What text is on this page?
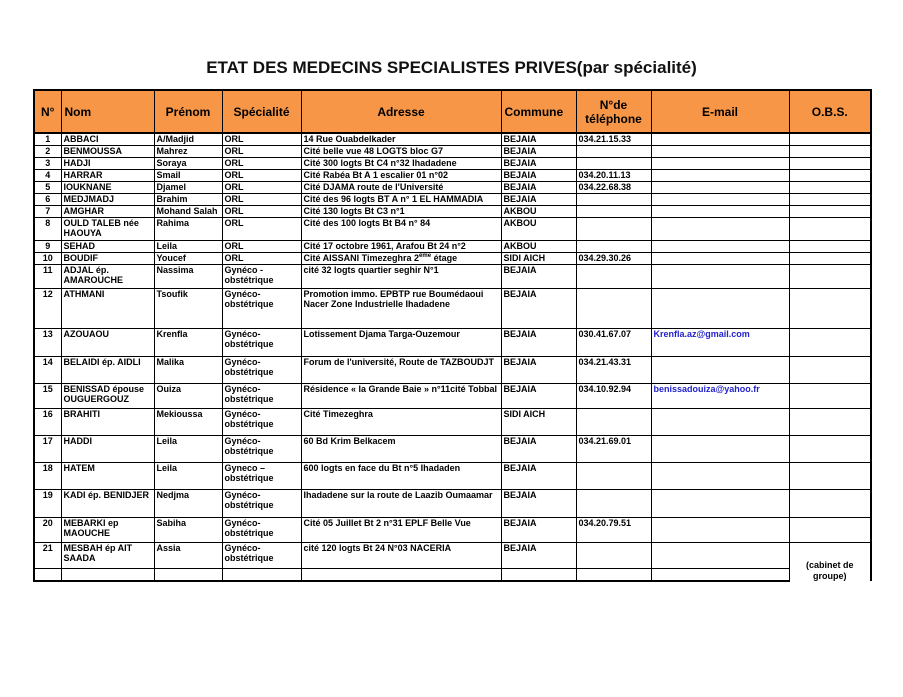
ETAT DES MEDECINS SPECIALISTES PRIVES(par spécialité)
N°	Nom	Prénom	Spécialité	Adresse	Commune	N°de téléphone	E-mail	O.B.S.
1	ABBACI	A/Madjid	ORL	14 Rue Ouabdelkader	BEJAIA	034.21.15.33		
2	BENMOUSSA	Mahrez	ORL	Cité belle vue 48 LOGTS bloc G7	BEJAIA			
3	HADJI	Soraya	ORL	Cité 300 logts Bt C4 n°32 Ihadadene	BEJAIA			
4	HARRAR	Smail	ORL	Cité Rabéa Bt A 1 escalier 01 n°02	BEJAIA	034.20.11.13		
5	IOUKNANE	Djamel	ORL	Cité DJAMA route de l'Université	BEJAIA	034.22.68.38		
6	MEDJMADJ	Brahim	ORL	Cité des 96 logts BT A n° 1 EL HAMMADIA	BEJAIA			
7	AMGHAR	Mohand Salah	ORL	Cité 130 logts Bt C3 n°1	AKBOU			
8	OULD TALEB née HAOUYA	Rahima	ORL	Cité des 100 logts Bt B4 n° 84	AKBOU			
9	SEHAD	Leila	ORL	Cité 17 octobre 1961, Arafou Bt 24 n°2	AKBOU			
10	BOUDIF	Youcef	ORL	Cité AISSANI Timezeghra 2ème étage	SIDI AICH	034.29.30.26		
11	ADJAL ép. AMAROUCHE	Nassima	Gynéco - obstétrique	cité 32 logts quartier seghir N°1	BEJAIA			
12	ATHMANI	Tsoufik	Gynéco- obstétrique	Promotion immo. EPBTP rue Boumédaoui Nacer Zone Industrielle Ihadadene	BEJAIA			
13	AZOUAOU	Krenfla	Gynéco- obstétrique	Lotissement Djama Targa-Ouzemour	BEJAIA	030.41.67.07	Krenfla.az@gmail.com	
14	BELAIDI ép. AIDLI	Malika	Gynéco- obstétrique	Forum de l'université, Route de TAZBOUDJT	BEJAIA	034.21.43.31		
15	BENISSAD épouse OUGUERGOUZ	Ouiza	Gynéco- obstétrique	Résidence « la Grande Baie » n°11cité Tobbal	BEJAIA	034.10.92.94	benissadouiza@yahoo.fr	
16	BRAHITI	Mekioussa	Gynéco- obstétrique	Cité Timezeghra	SIDI AICH			
17	HADDI	Leila	Gynéco- obstétrique	60 Bd Krim Belkacem	BEJAIA	034.21.69.01		
18	HATEM	Leila	Gyneco – obstétrique	600 logts en face du Bt n°5 Ihadaden	BEJAIA			
19	KADI ép. BENIDJER	Nedjma	Gynéco- obstétrique	Ihadadene sur la route de Laazib Oumaamar	BEJAIA			
20	MEBARKI ep MAOUCHE	Sabiha	Gynéco- obstétrique	Cité 05 Juillet Bt 2 n°31 EPLF Belle Vue	BEJAIA	034.20.79.51		
21	MESBAH ép AIT SAADA	Assia	Gynéco- obstétrique	cité 120 logts Bt 24 N°03 NACERIA	BEJAIA			(cabinet de groupe)
